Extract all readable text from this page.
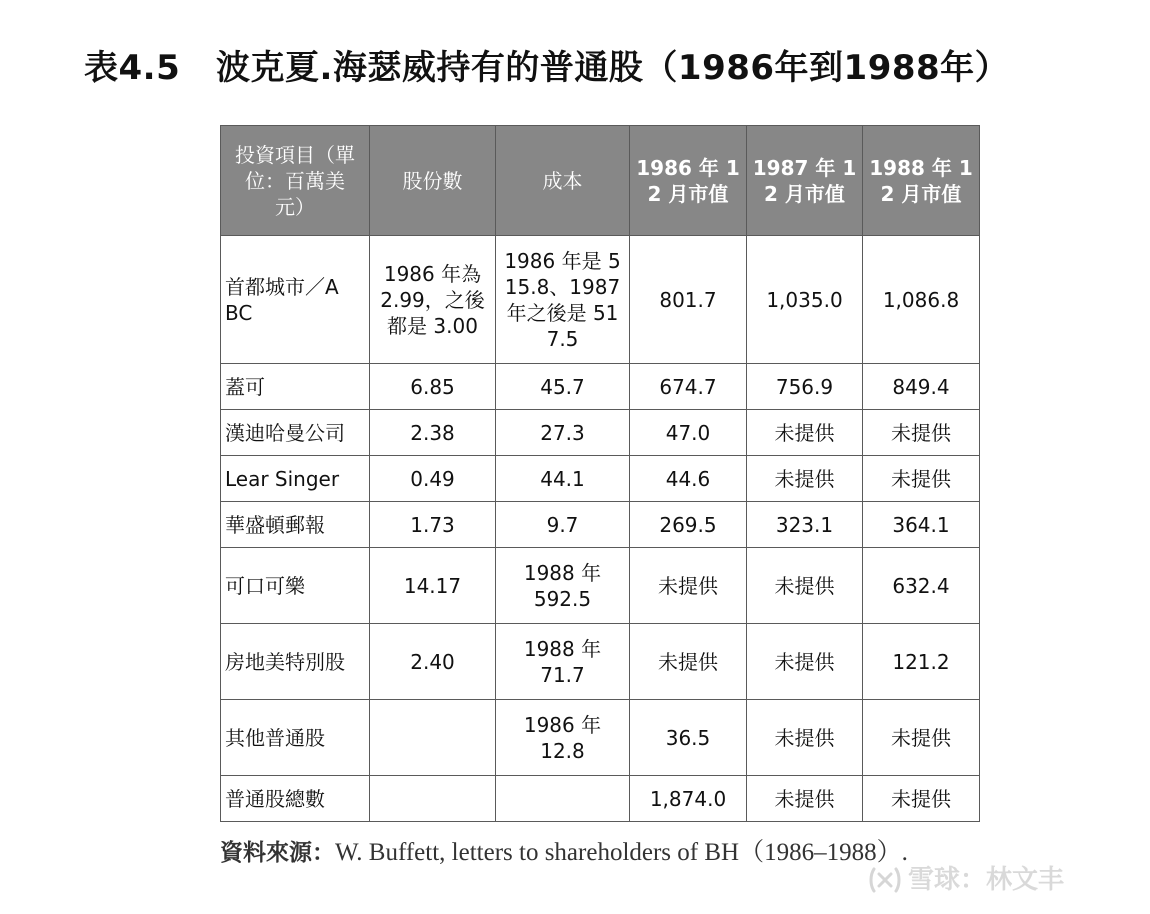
表4.5 波克夏.海瑟威持有的普通股（1986年到1988年）
投資項目（單位：百萬美元）	股份數	成本	1986 年 12 月市值	1987 年 12 月市值	1988 年 12 月市值
首都城市／ABC	1986 年為 2.99，之後都是 3.00	1986 年是 515.8、1987 年之後是 517.5	801.7	1,035.0	1,086.8
蓋可	6.85	45.7	674.7	756.9	849.4
漢迪哈曼公司	2.38	27.3	47.0	未提供	未提供
Lear Singer	0.49	44.1	44.6	未提供	未提供
華盛頓郵報	1.73	9.7	269.5	323.1	364.1
可口可樂	14.17	1988 年 592.5	未提供	未提供	632.4
房地美特別股	2.40	1988 年 71.7	未提供	未提供	121.2
其他普通股		1986 年 12.8	36.5	未提供	未提供
普通股總數			1,874.0	未提供	未提供
資料來源：W. Buffett, letters to shareholders of BH（1986–1988）.
雪球：林文丰
